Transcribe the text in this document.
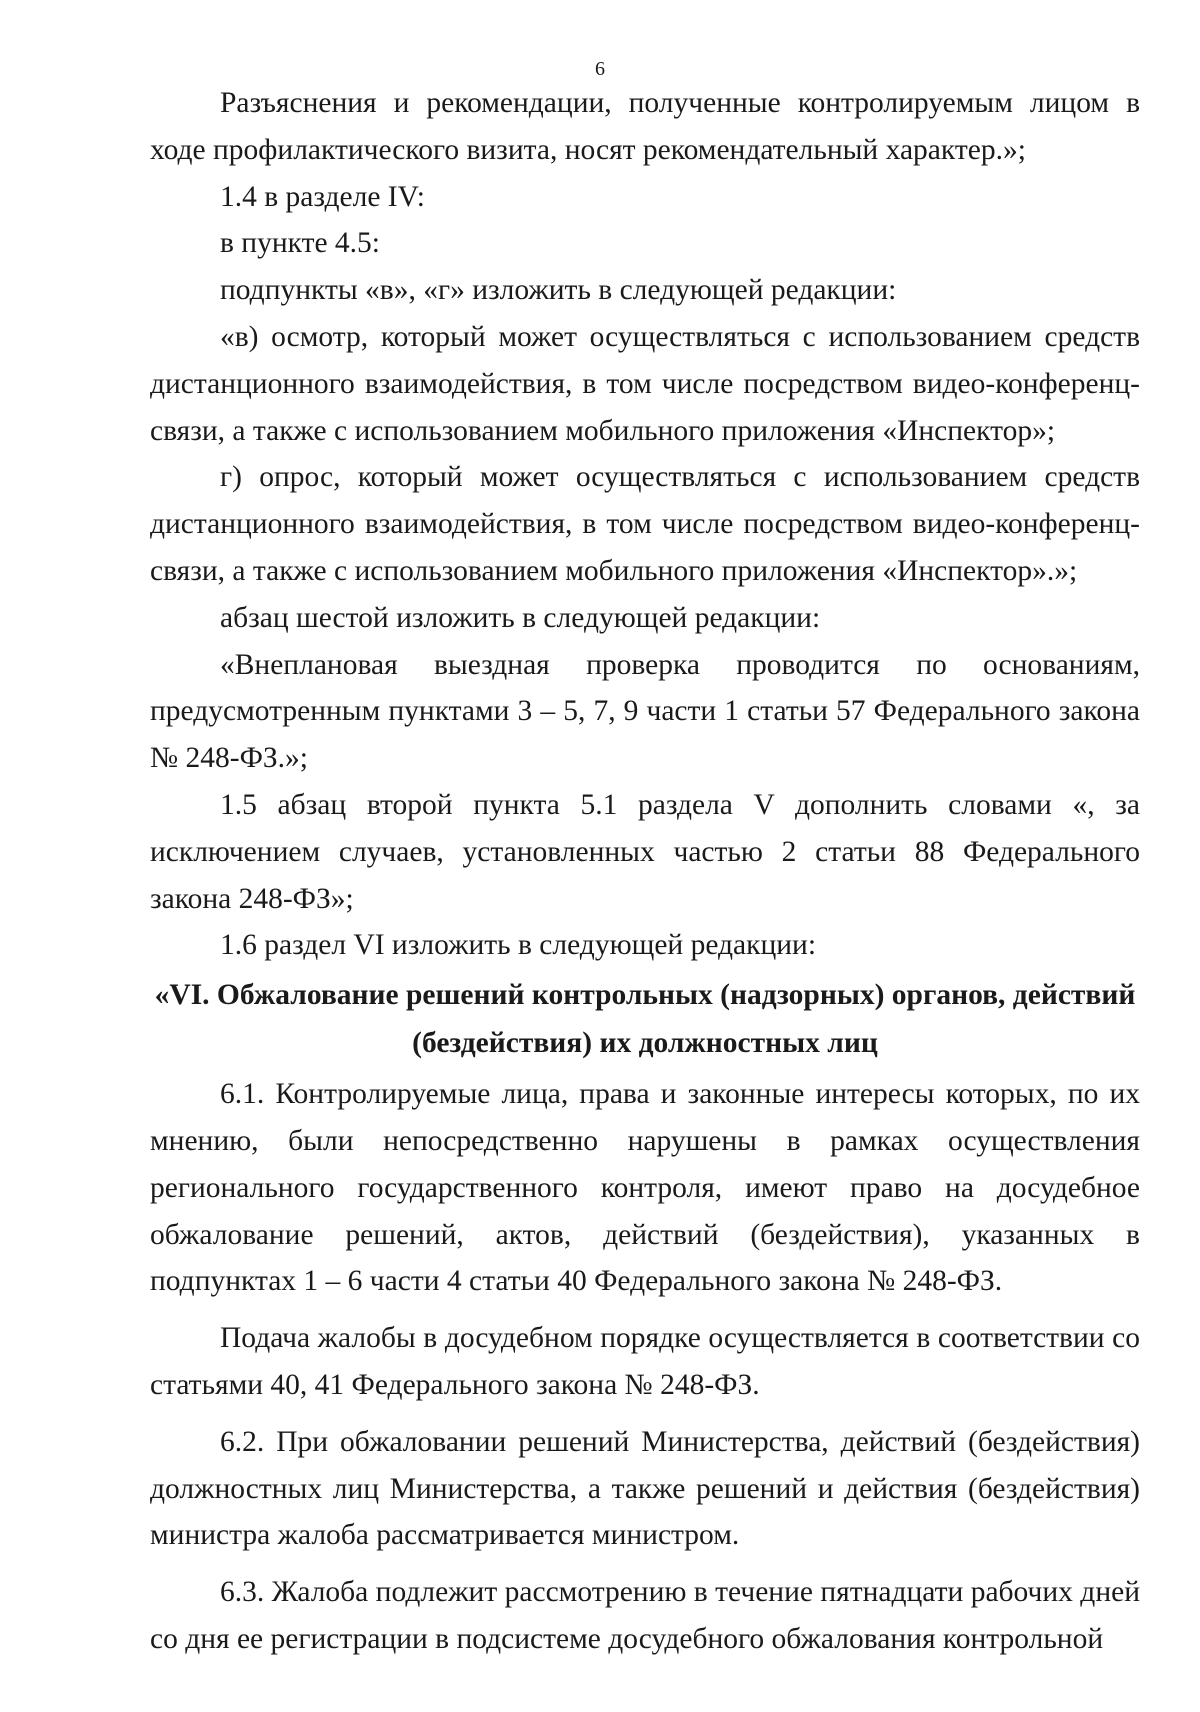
6

Разъяснения и рекомендации, полученные контролируемым лицом в ходе профилактического визита, носят рекомендательный характер.»;

1.4 в разделе IV:

в пункте 4.5:

подпункты «в», «г» изложить в следующей редакции:

«в) осмотр, который может осуществляться с использованием средств дистанционного взаимодействия, в том числе посредством видео-конференц-связи, а также с использованием мобильного приложения «Инспектор»;

г) опрос, который может осуществляться с использованием средств дистанционного взаимодействия, в том числе посредством видео-конференц-связи, а также с использованием мобильного приложения «Инспектор».»;

абзац шестой изложить в следующей редакции:

«Внеплановая выездная проверка проводится по основаниям, предусмотренным пунктами 3 – 5, 7, 9 части 1 статьи 57 Федерального закона № 248-ФЗ.»;

1.5 абзац второй пункта 5.1 раздела V дополнить словами «, за исключением случаев, установленных частью 2 статьи 88 Федерального закона 248-ФЗ»;

1.6 раздел VI изложить в следующей редакции:

«VI. Обжалование решений контрольных (надзорных) органов, действий (бездействия) их должностных лиц

6.1. Контролируемые лица, права и законные интересы которых, по их мнению, были непосредственно нарушены в рамках осуществления регионального государственного контроля, имеют право на досудебное обжалование решений, актов, действий (бездействия), указанных в подпунктах 1 – 6 части 4 статьи 40 Федерального закона № 248-ФЗ.

Подача жалобы в досудебном порядке осуществляется в соответствии со статьями 40, 41 Федерального закона № 248-ФЗ.

6.2. При обжаловании решений Министерства, действий (бездействия) должностных лиц Министерства, а также решений и действия (бездействия) министра жалоба рассматривается министром.

6.3. Жалоба подлежит рассмотрению в течение пятнадцати рабочих дней со дня ее регистрации в подсистеме досудебного обжалования контрольной
